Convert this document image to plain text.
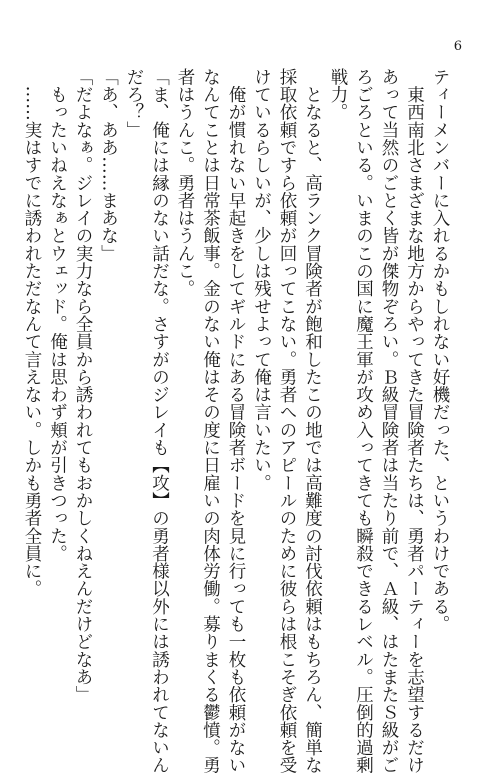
6
ティーメンバーに入れるかもしれない好機だった、というわけである。
　東西南北さまざまな地方からやってきた冒険者たちは、勇者パーティーを志望するだけ
あって当然のごとく皆が傑物ぞろい。Ｂ級冒険者は当たり前で、Ａ級、はたまたＳ級がご
ろごろといる。いまのこの国に魔王軍が攻め入ってきても瞬殺できるレベル。圧倒的過剰
戦力。
　となると、高ランク冒険者が飽和したこの地では高難度の討伐依頼はもちろん、簡単な
採取依頼ですら依頼が回ってこない。勇者へのアピールのために彼らは根こそぎ依頼を受
けているらしいが、少しは残せよって俺は言いたい。
　俺が慣れない早起きをしてギルドにある冒険者ボードを見に行っても一枚も依頼がない
なんてことは日常茶飯事。金のない俺はその度に日雇いの肉体労働。募りまくる鬱憤。勇
者はうんこ。勇者はうんこ。
「ま、俺には縁のない話だな。さすがのジレイも【攻】の勇者様以外には誘われてないん
だろ？」
「あ、ああ……まあな」
「だよなぁ。ジレイの実力なら全員から誘われてもおかしくねえんだけどなあ」
　もったいねえなぁとウェッド。俺は思わず頬が引きつった。
　……実はすでに誘われただなんて言えない。しかも勇者全員に。
